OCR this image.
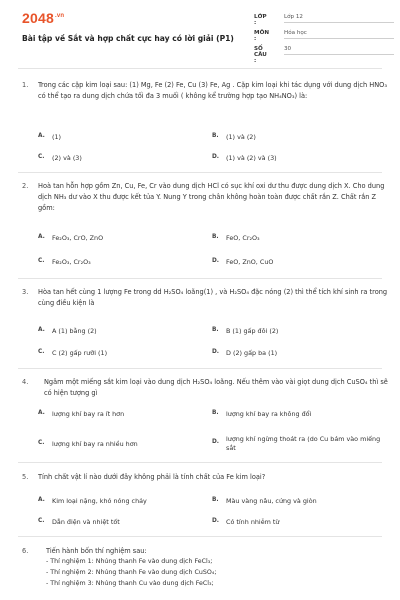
$2048^{.vn}$
Bài tập về Sắt và hợp chất cực hay có lời giải (P1)
LỚP :
Lớp 12
MÔN :
Hóa học
SỐ CÂU :
30
1. Trong các cặp kim loại sau: (1) Mg, Fe (2) Fe, Cu (3) Fe, Ag . Cặp kim loại khi tác dụng với dung dịch HNO₃ có thể tạo ra dung dịch chứa tối đa 3 muối ( không kể trường hợp tạo NH₄NO₃) là:
A. (1)	B. (1) và (2)
C. (2) và (3)	D. (1) và (2) và (3)
2. Hoà tan hỗn hợp gồm Zn, Cu, Fe, Cr vào dung dịch HCl có sục khí oxi dư thu được dung dịch X. Cho dung dịch NH₃ dư vào X thu được kết tủa Y. Nung Y trong chân không hoàn toàn được chất rắn Z. Chất rắn Z gồm:
A. Fe₂O₃, CrO, ZnO	B. FeO, Cr₂O₃
C. Fe₂O₃, Cr₂O₃	D. FeO, ZnO, CuO
3. Hòa tan hết cùng 1 lượng Fe trong dd H₂SO₄ loãng(1) , và H₂SO₄ đặc nóng (2) thì thể tích khí sinh ra trong cùng điều kiện là
A. A (1) bằng (2)	B. B (1) gấp đôi (2)
C. C (2) gấp rưỡi (1)	D. D (2) gấp ba (1)
4. Ngâm một miếng sắt kim loại vào dung dịch H₂SO₄ loãng. Nếu thêm vào vài giọt dung dịch CuSO₄ thì sẽ có hiện tượng gì
A. lượng khí bay ra ít hơn	B. lượng khí bay ra không đổi
C. lượng khí bay ra nhiều hơn	D. lượng khí ngừng thoát ra (do Cu bám vào miếng sắt
5. Tính chất vật lí nào dưới đây không phải là tính chất của Fe kim loại?
A. Kim loại nặng, khó nóng chảy	B. Màu vàng nâu, cứng và giòn
C. Dẫn điện và nhiệt tốt	D. Có tính nhiễm từ
6.	Tiến hành bốn thí nghiệm sau:
- Thí nghiệm 1: Nhúng thanh Fe vào dung dịch FeCl₃;
- Thí nghiệm 2: Nhúng thanh Fe vào dung dịch CuSO₄;
- Thí nghiệm 3: Nhúng thanh Cu vào dung dịch FeCl₃;
